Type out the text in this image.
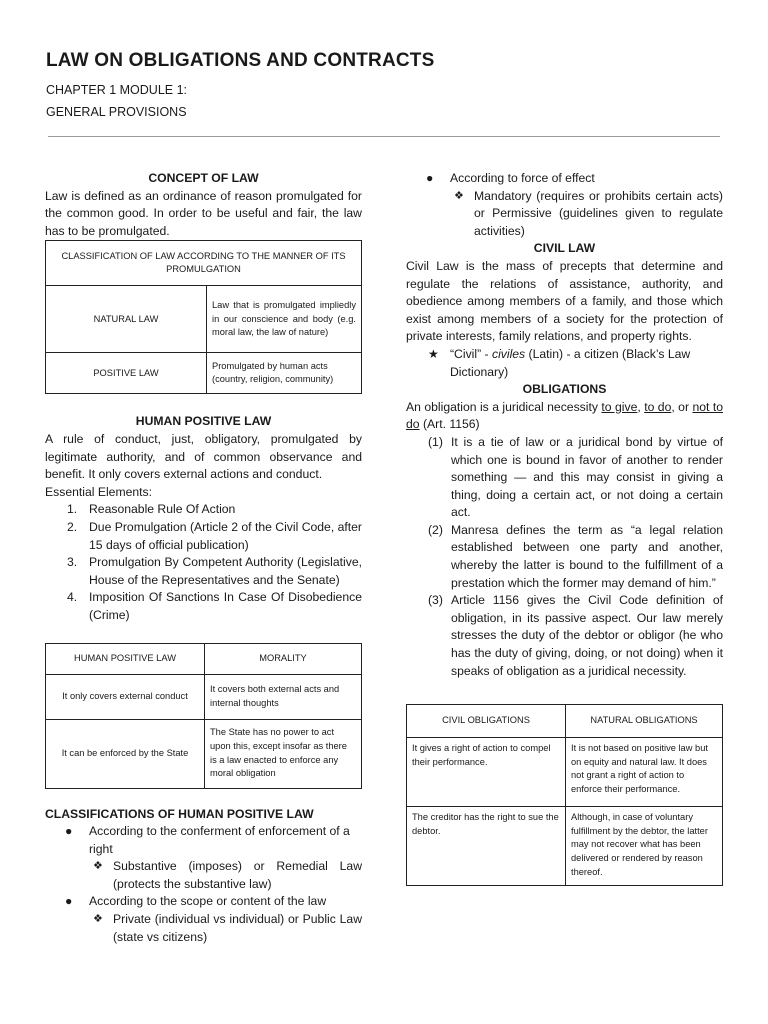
LAW ON OBLIGATIONS AND CONTRACTS
CHAPTER 1 MODULE 1:
GENERAL PROVISIONS

CONCEPT OF LAW

Law is defined as an ordinance of reason promulgated for the common good. In order to be useful and fair, the law has to be promulgated.

CLASSIFICATION OF LAW ACCORDING TO THE MANNER OF ITS PROMULGATION	
NATURAL LAW	Law that is promulgated impliedly in our conscience and body (e.g. moral law, the law of nature)
POSITIVE LAW	Promulgated by human acts (country, religion, community)

HUMAN POSITIVE LAW

A rule of conduct, just, obligatory, promulgated by legitimate authority, and of common observance and benefit. It only covers external actions and conduct.

Essential Elements:

1. Reasonable Rule Of Action
2. Due Promulgation (Article 2 of the Civil Code, after 15 days of official publication)
3. Promulgation By Competent Authority (Legislative, House of the Representatives and the Senate)
4. Imposition Of Sanctions In Case Of Disobedience (Crime)
HUMAN POSITIVE LAW	MORALITY
It only covers external conduct	It covers both external acts and internal thoughts
It can be enforced by the State	The State has no power to act upon this, except insofar as there is a law enacted to enforce any moral obligation

CLASSIFICATIONS OF HUMAN POSITIVE LAW

● According to the conferment of enforcement of a right
❖ Substantive (imposes) or Remedial Law (protects the substantive law)
● According to the scope or content of the law
❖ Private (individual vs individual) or Public Law (state vs citizens)
● According to force of effect
❖ Mandatory (requires or prohibits certain acts) or Permissive (guidelines given to regulate activities)

CIVIL LAW

Civil Law is the mass of precepts that determine and regulate the relations of assistance, authority, and obedience among members of a family, and those which exist among members of a society for the protection of private interests, family relations, and property rights.

★ “Civil” - civiles (Latin) - a citizen (Black’s Law Dictionary)

OBLIGATIONS

An obligation is a juridical necessity to give, to do, or not to do (Art. 1156)

(1) It is a tie of law or a juridical bond by virtue of which one is bound in favor of another to render something — and this may consist in giving a thing, doing a certain act, or not doing a certain act.
(2) Manresa defines the term as “a legal relation established between one party and another, whereby the latter is bound to the fulfillment of a prestation which the former may demand of him.”
(3) Article 1156 gives the Civil Code definition of obligation, in its passive aspect. Our law merely stresses the duty of the debtor or obligor (he who has the duty of giving, doing, or not doing) when it speaks of obligation as a juridical necessity.
CIVIL OBLIGATIONS	NATURAL OBLIGATIONS
It gives a right of action to compel their performance.	It is not based on positive law but on equity and natural law. It does not grant a right of action to enforce their performance.
The creditor has the right to sue the debtor.	Although, in case of voluntary fulfillment by the debtor, the latter may not recover what has been delivered or rendered by reason thereof.
